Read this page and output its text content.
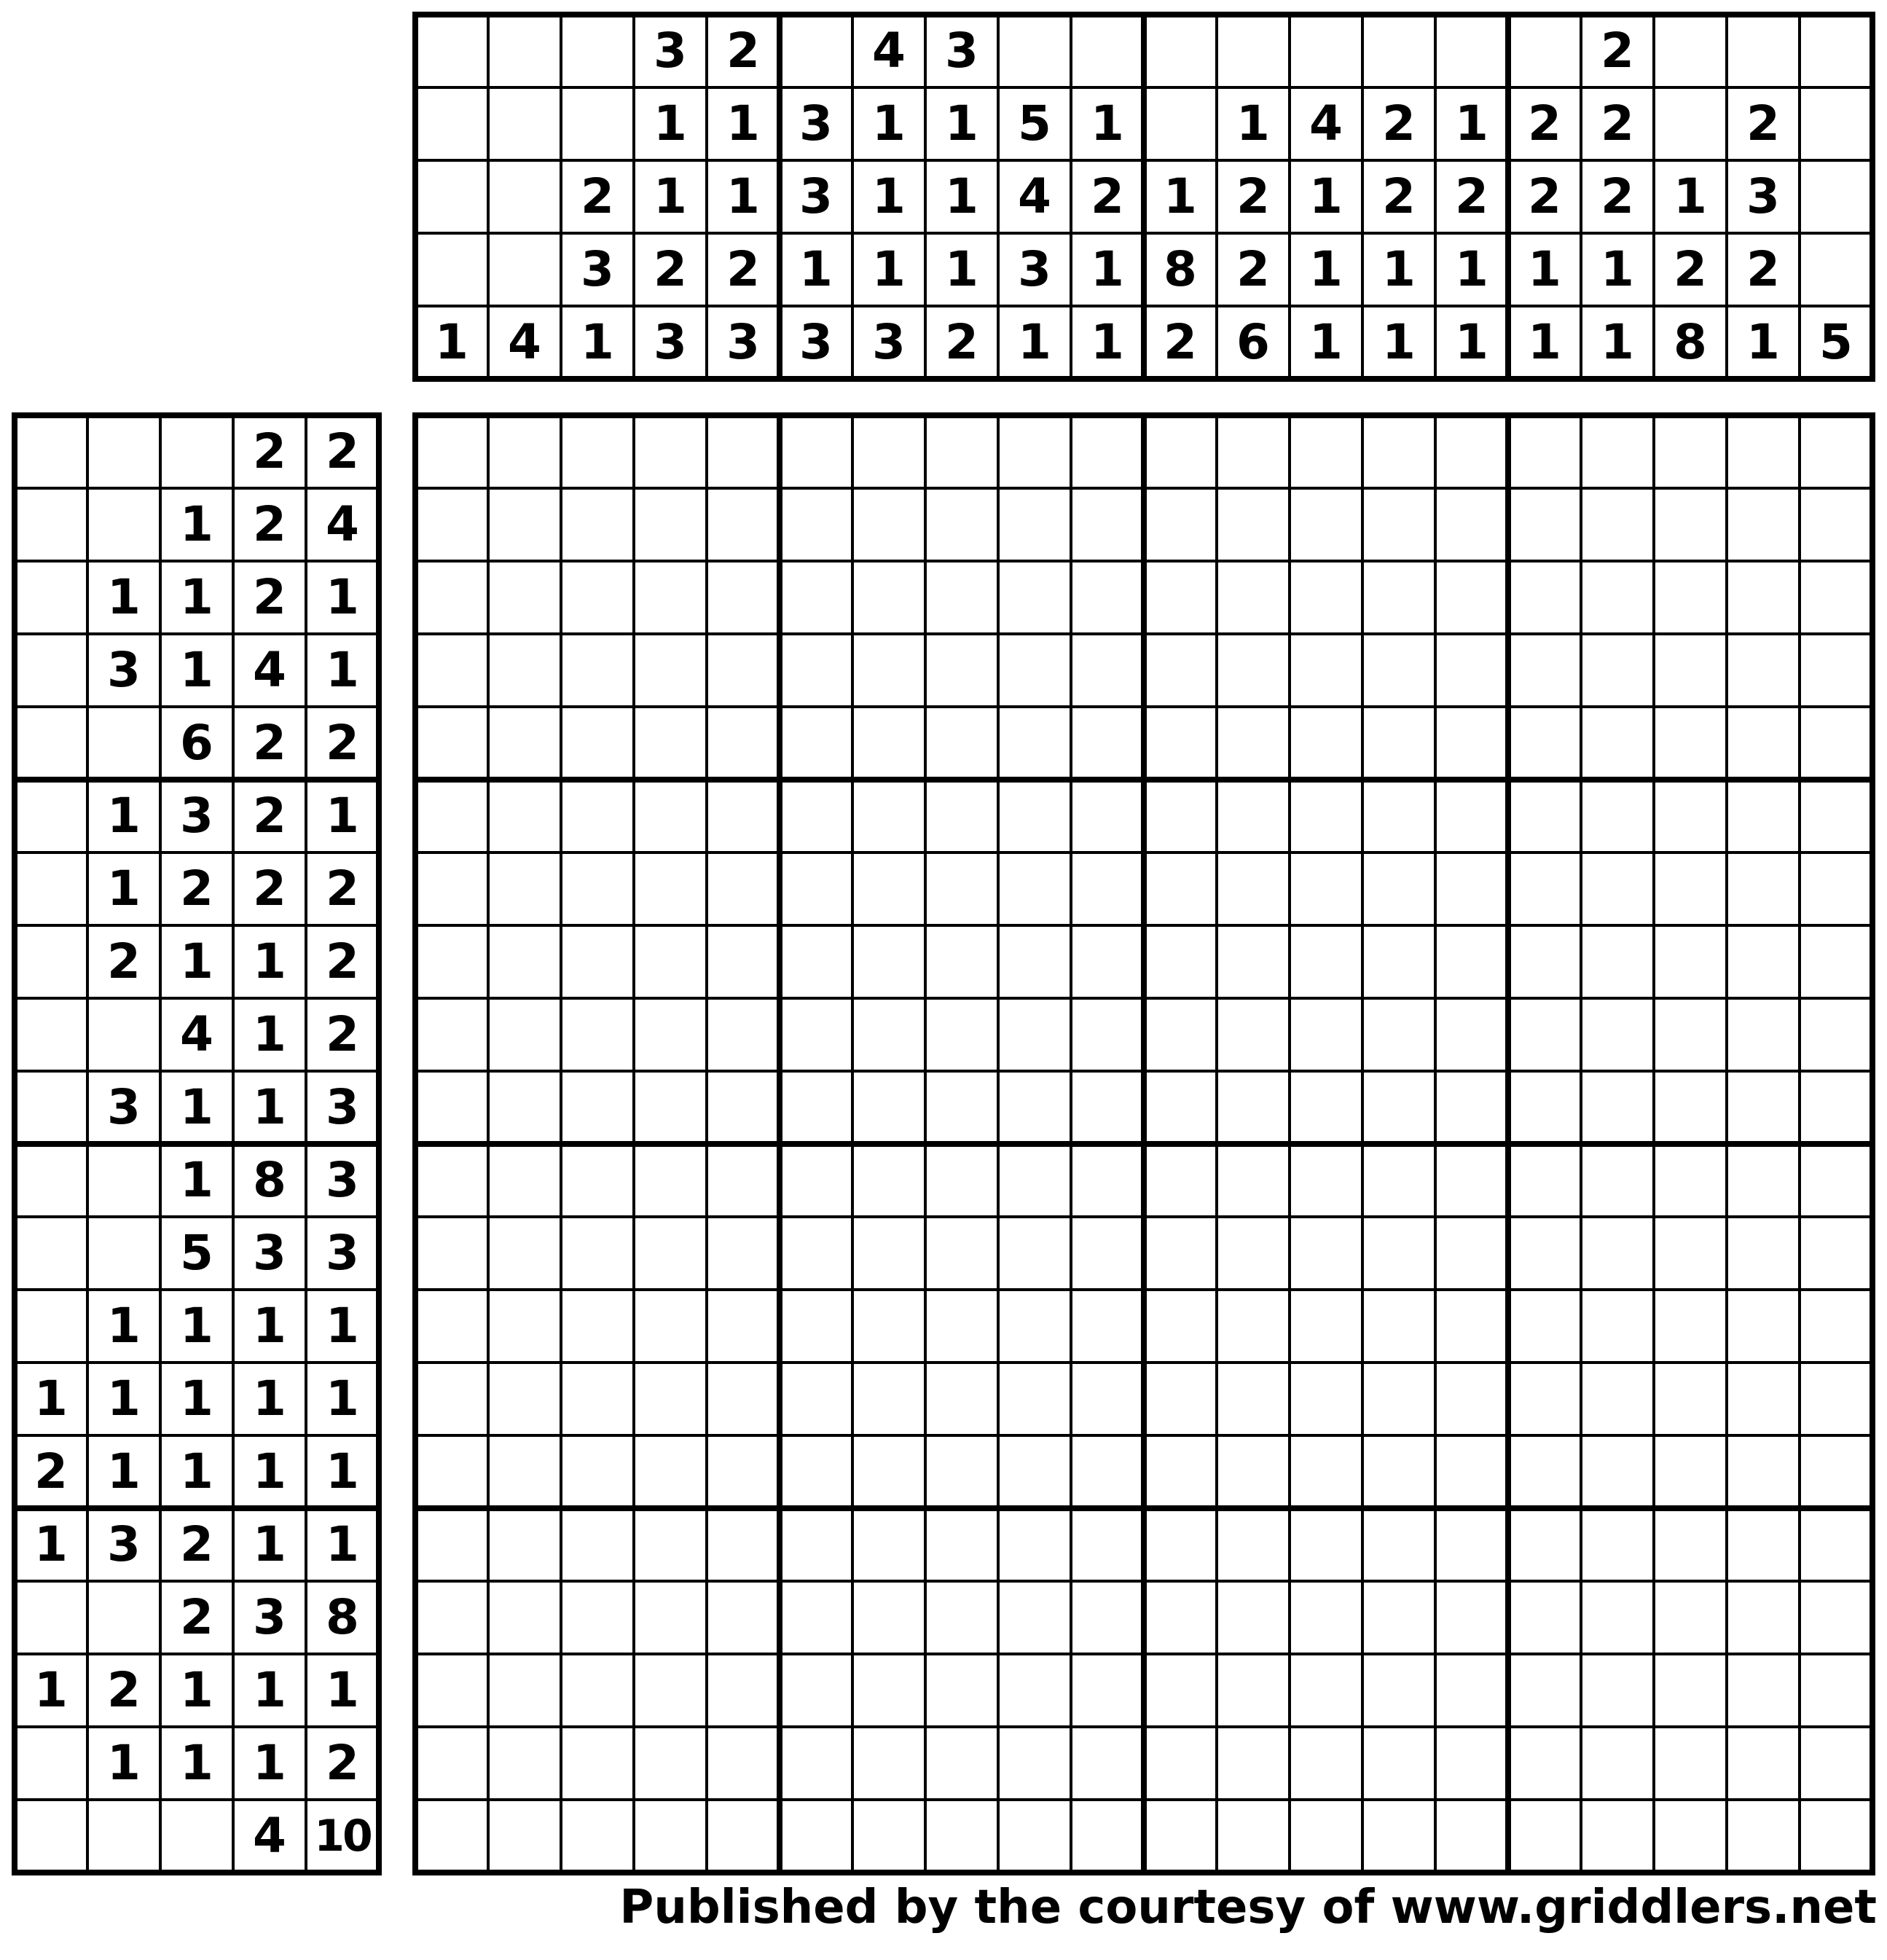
1 4
2
3
1
3
1
1
2
3
2
1
1
2
3
3
3
1
3
4
1
1
1
3
3
1
1
1
2
5
4
3
1
1
2
1
1
1
8
2
1
2
2
6
4
1
1
1
2
2
1
1
1
2
1
1
2
2
1
1
2
2
2
1
1
1
2
8
2
3
2
1 5
2 2
1 2 4
1 1 2 1
3 1 4 1
6 2 2
1 3 2 1
1 2 2 2
2 1 1 2
4 1 2
3 1 1 3
1 8 3
5 3 3
1 1 1 1
1 1 1 1 1
2 1 1 1 1
1 3 2 1 1
2 3 8
1 2 1 1 1
1 1 1 2
4 10
Published by the courtesy of www.griddlers.net
